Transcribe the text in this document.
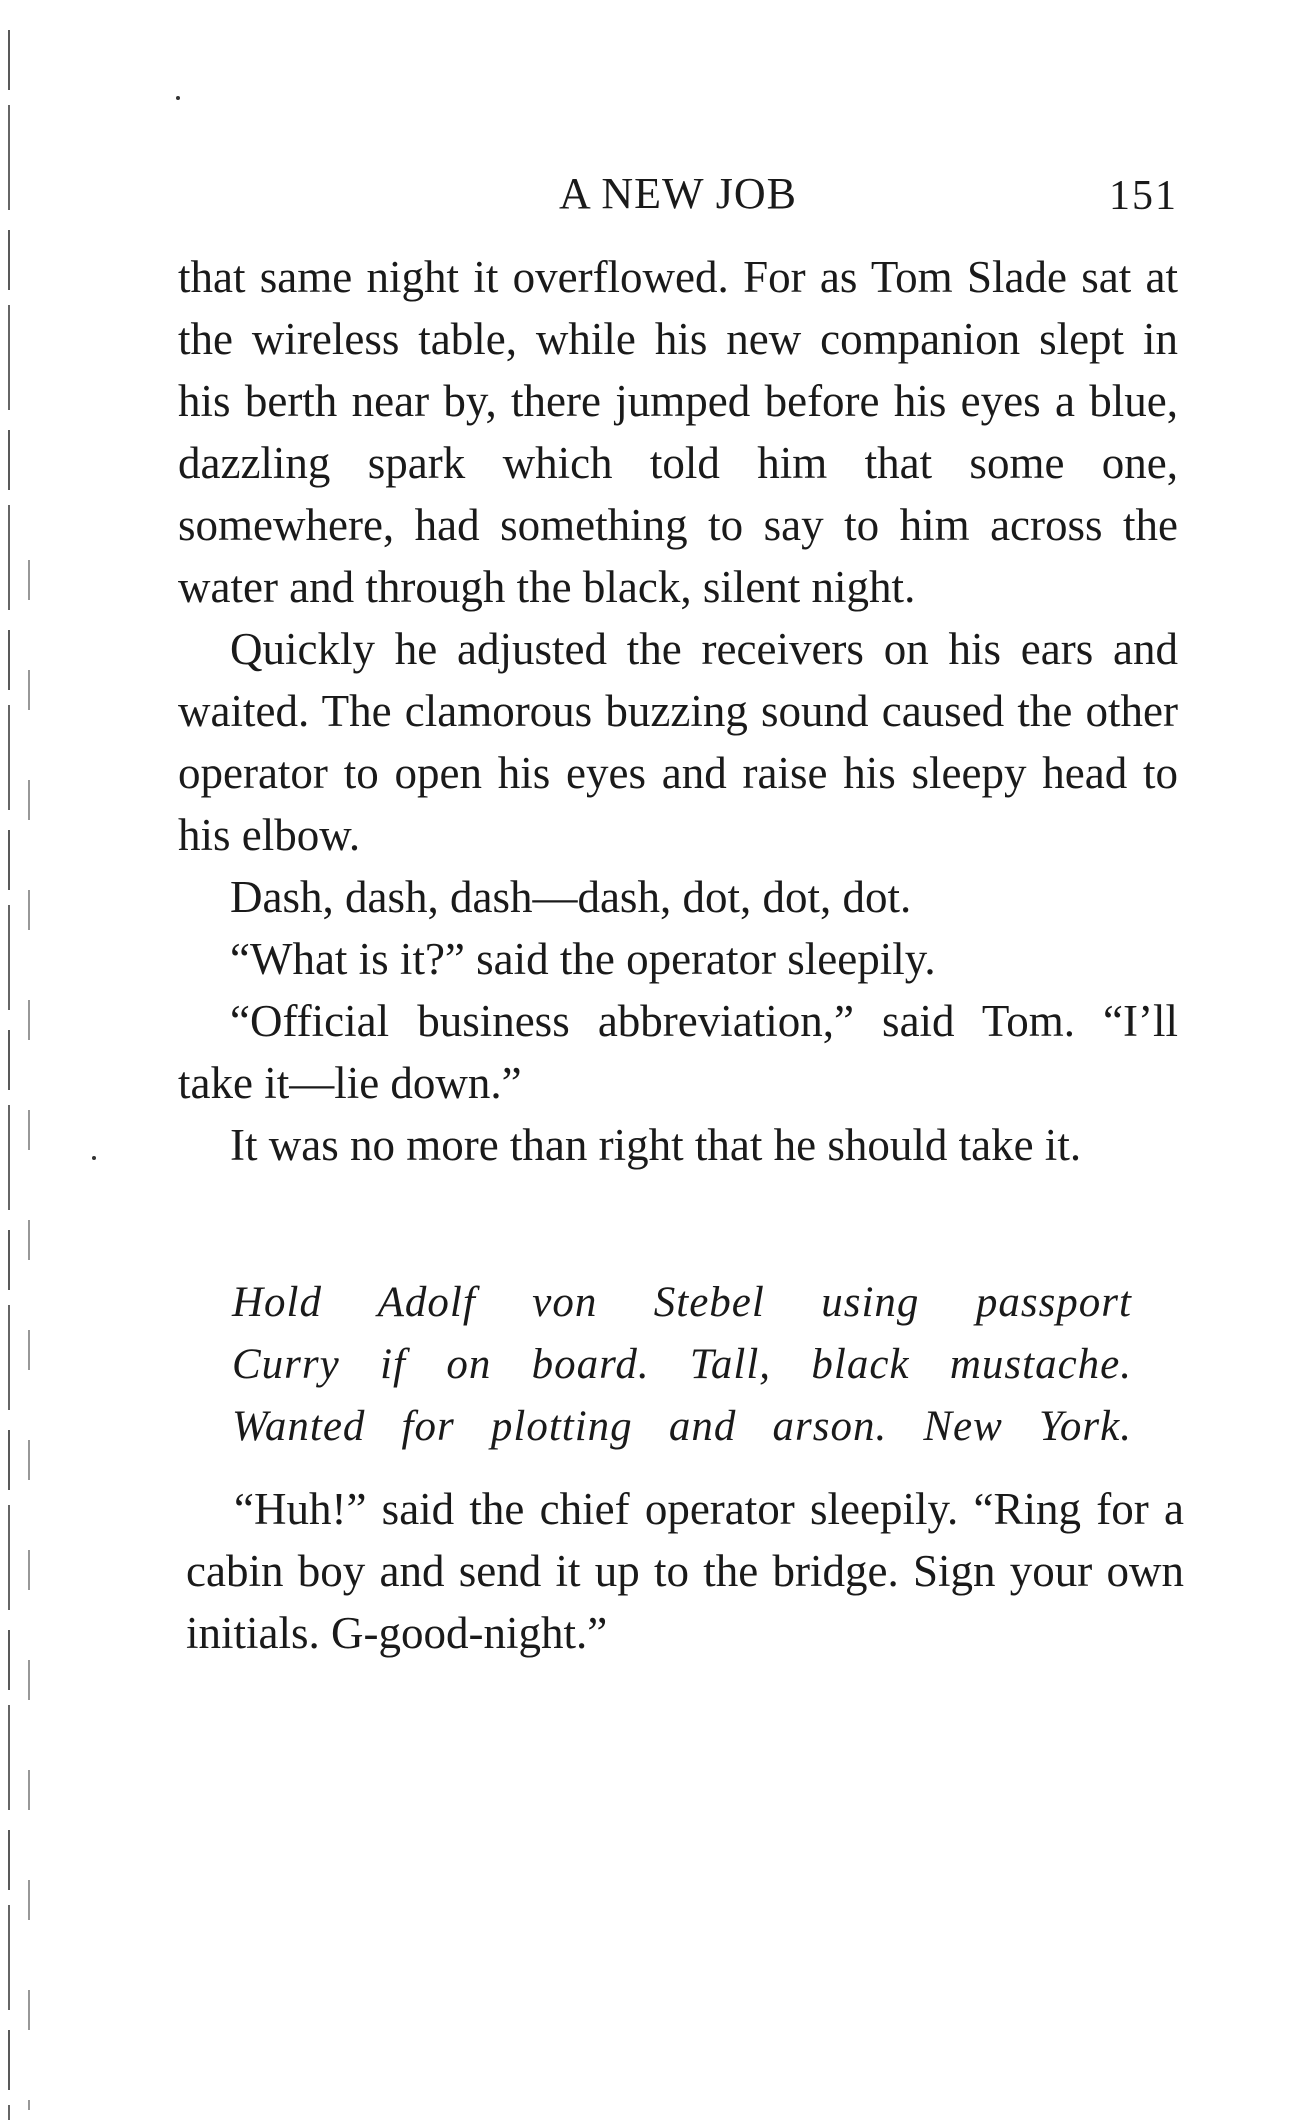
A NEW JOB	151

that same night it overflowed. For as Tom Slade sat at the wireless table, while his new companion slept in his berth near by, there jumped before his eyes a blue, dazzling spark which told him that some one, somewhere, had something to say to him across the water and through the black, silent night.

Quickly he adjusted the receivers on his ears and waited. The clamorous buzzing sound caused the other operator to open his eyes and raise his sleepy head to his elbow.

Dash, dash, dash—dash, dot, dot, dot.

“What is it?” said the operator sleepily.

“Official business abbreviation,” said Tom. “I’ll take it—lie down.”

It was no more than right that he should take it.

Hold Adolf von Stebel using passport
Curry if on board. Tall, black mustache.
Wanted for plotting and arson. New York.

“Huh!” said the chief operator sleepily. “Ring for a cabin boy and send it up to the bridge. Sign your own initials. G-good-night.”
